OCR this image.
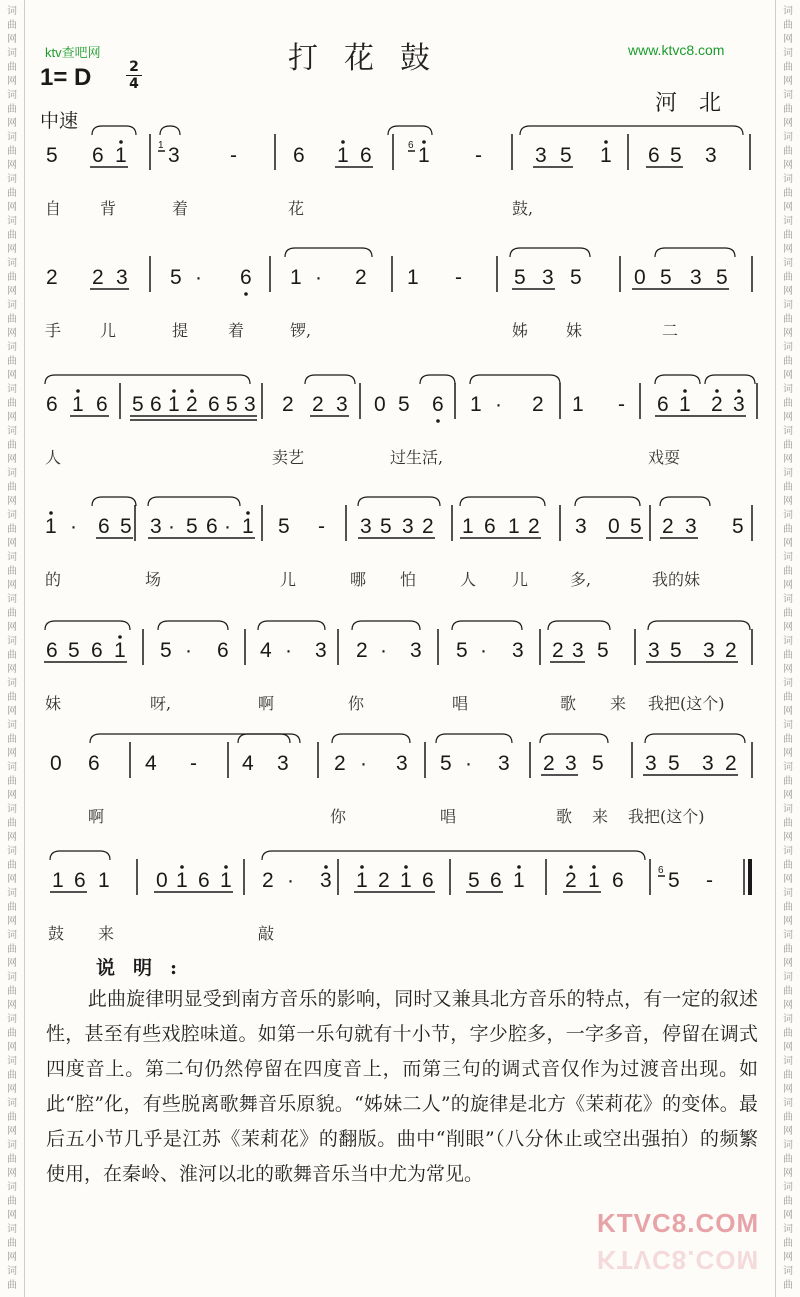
词
曲
网
词
曲
网
词
曲
网
词
曲
网
词
曲
网
词
曲
网
词
曲
网
词
曲
网
词
曲
网
词
曲
网
词
曲
网
词
曲
网
词
曲
网
词
曲
网
词
曲
网
词
曲
网
词
曲
网
词
曲
网
词
曲
网
词
曲
网
词
曲
网
词
曲
网
词
曲
网
词
曲
网
词
曲
网
词
曲
网
词
曲
网
词
曲
网
词
曲
网
词
曲
网
词
曲
词
曲
网
词
曲
网
词
曲
网
词
曲
网
词
曲
网
词
曲
网
词
曲
网
词
曲
网
词
曲
网
词
曲
网
词
曲
网
词
曲
网
词
曲
网
词
曲
网
词
曲
网
词
曲
网
词
曲
网
词
曲
网
词
曲
网
词
曲
网
词
曲
网
词
曲
网
词
曲
网
词
曲
网
词
曲
网
词
曲
网
词
曲
网
词
曲
网
词
曲
网
词
曲
网
词
曲
ktv查吧网	打花鼓	www.ktvc8.com
1= D	2
4
河北
中速
5 6 1 3
1	-	6 1 6 1
6	-	3 5 1 6 5 3
自 背	着	花	鼓,
2 2 3 5 · 6 1 · 2 1 - 5 3 5 0 5 3 5
手 儿	提 着	锣,	姊 妹	二
6 1 6 5 6 1 2 6 5 3 2 2 3 0 5 6 1 · 2 1 - 6 1 2 3
人	卖艺	过生活,	戏耍
1 · 6 5 3 · 5 6 · 1 5 - 3 5 3 2 1 6 1 2 3 0 5 2 3 5
的	场	儿	哪 怕	人 儿	多,	我的妹
6 5 6 1 5 · 6 4 · 3 2 · 3 5 · 3 2 3 5 3 5 3 2
妹	呀,	啊	你	唱	歌 来 我把(这个)
0 6 4 - 4 3 2 · 3 5 · 3 2 3 5 3 5 3 2
啊	你	唱	歌 来 我把(这个)
1 6 1 0 1 6 1 2 · 3 1 2 1 6 5 6 1 2 1 6 5
6 -
鼓 来	敲
说明:

此曲旋律明显受到南方音乐的影响，同时又兼具北方音乐的特点，有一定的叙述性，甚至有些戏腔味道。如第一乐句就有十小节，字少腔多，一字多音，停留在调式四度音上。第二句仍然停留在四度音上，而第三句的调式音仅作为过渡音出现。如此“腔”化，有些脱离歌舞音乐原貌。“姊妹二人”的旋律是北方《茉莉花》的变体。最后五小节几乎是江苏《茉莉花》的翻版。曲中“削眼”（八分休止或空出强拍）的频繁使用，在秦岭、淮河以北的歌舞音乐当中尤为常见。

KTVC8.COM
KTVC8.COM
